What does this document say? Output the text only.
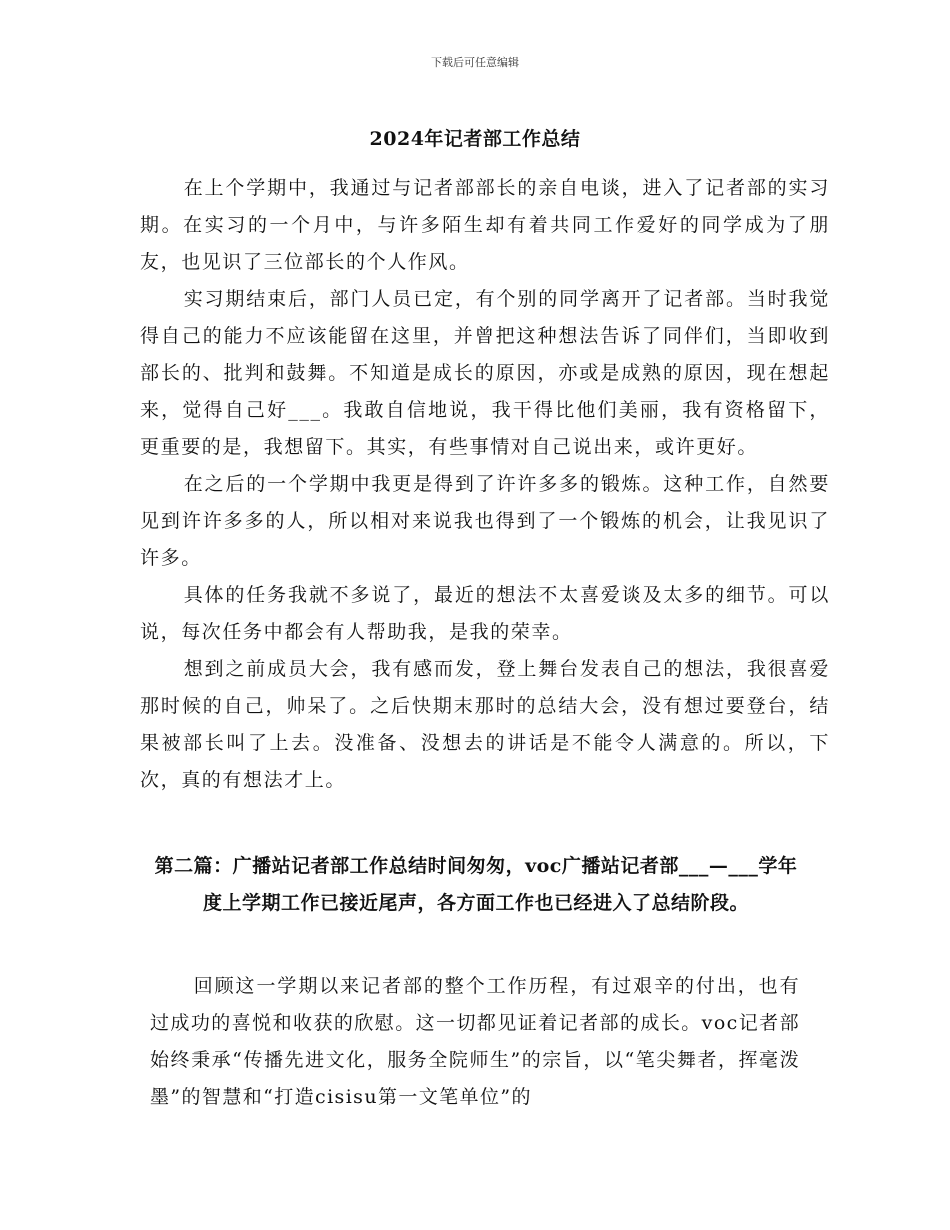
下载后可任意编辑
2024年记者部工作总结

在上个学期中，我通过与记者部部长的亲自电谈，进入了记者部的实习期。在实习的一个月中，与许多陌生却有着共同工作爱好的同学成为了朋友，也见识了三位部长的个人作风。

实习期结束后，部门人员已定，有个别的同学离开了记者部。当时我觉得自己的能力不应该能留在这里，并曾把这种想法告诉了同伴们，当即收到部长的、批判和鼓舞。不知道是成长的原因，亦或是成熟的原因，现在想起来，觉得自己好___。我敢自信地说，我干得比他们美丽，我有资格留下，更重要的是，我想留下。其实，有些事情对自己说出来，或许更好。

在之后的一个学期中我更是得到了许许多多的锻炼。这种工作，自然要见到许许多多的人，所以相对来说我也得到了一个锻炼的机会，让我见识了许多。

具体的任务我就不多说了，最近的想法不太喜爱谈及太多的细节。可以说，每次任务中都会有人帮助我，是我的荣幸。

想到之前成员大会，我有感而发，登上舞台发表自己的想法，我很喜爱那时候的自己，帅呆了。之后快期末那时的总结大会，没有想过要登台，结果被部长叫了上去。没准备、没想去的讲话是不能令人满意的。所以，下次，真的有想法才上。

第二篇：广播站记者部工作总结时间匆匆，voc广播站记者部___—___学年度上学期工作已接近尾声，各方面工作也已经进入了总结阶段。

回顾这一学期以来记者部的整个工作历程，有过艰辛的付出，也有过成功的喜悦和收获的欣慰。这一切都见证着记者部的成长。voc记者部始终秉承“传播先进文化，服务全院师生”的宗旨，以“笔尖舞者，挥毫泼墨”的智慧和“打造cisisu第一文笔单位”的
